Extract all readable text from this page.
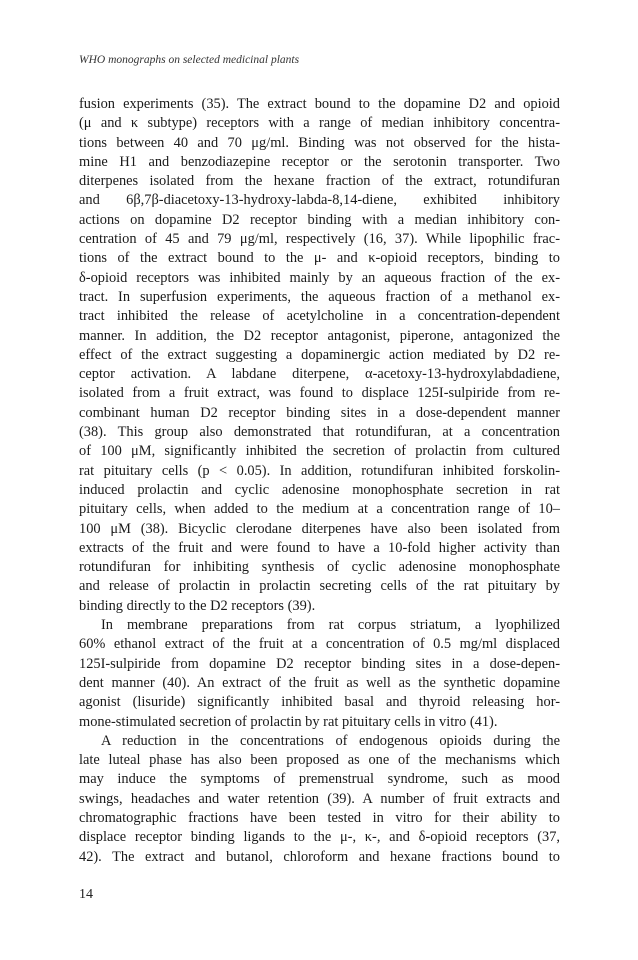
WHO monographs on selected medicinal plants
fusion experiments (35). The extract bound to the dopamine D2 and opioid
(μ and κ subtype) receptors with a range of median inhibitory concentra-
tions between 40 and 70 μg/ml. Binding was not observed for the hista-
mine H1 and benzodiazepine receptor or the serotonin transporter. Two
diterpenes isolated from the hexane fraction of the extract, rotundifuran
and 6β,7β-diacetoxy-13-hydroxy-labda-8,14-diene, exhibited inhibitory
actions on dopamine D2 receptor binding with a median inhibitory con-
centration of 45 and 79 μg/ml, respectively (16, 37). While lipophilic frac-
tions of the extract bound to the μ- and κ-opioid receptors, binding to
δ-opioid receptors was inhibited mainly by an aqueous fraction of the ex-
tract. In superfusion experiments, the aqueous fraction of a methanol ex-
tract inhibited the release of acetylcholine in a concentration-dependent
manner. In addition, the D2 receptor antagonist, piperone, antagonized the
effect of the extract suggesting a dopaminergic action mediated by D2 re-
ceptor activation. A labdane diterpene, α-acetoxy-13-hydroxylabdadiene,
isolated from a fruit extract, was found to displace 125I-sulpiride from re-
combinant human D2 receptor binding sites in a dose-dependent manner
(38). This group also demonstrated that rotundifuran, at a concentration
of 100 μM, significantly inhibited the secretion of prolactin from cultured
rat pituitary cells (p < 0.05). In addition, rotundifuran inhibited forskolin-
induced prolactin and cyclic adenosine monophosphate secretion in rat
pituitary cells, when added to the medium at a concentration range of 10–
100 μM (38). Bicyclic clerodane diterpenes have also been isolated from
extracts of the fruit and were found to have a 10-fold higher activity than
rotundifuran for inhibiting synthesis of cyclic adenosine monophosphate
and release of prolactin in prolactin secreting cells of the rat pituitary by
binding directly to the D2 receptors (39).
In membrane preparations from rat corpus striatum, a lyophilized
60% ethanol extract of the fruit at a concentration of 0.5 mg/ml displaced
125I-sulpiride from dopamine D2 receptor binding sites in a dose-depen-
dent manner (40). An extract of the fruit as well as the synthetic dopamine
agonist (lisuride) significantly inhibited basal and thyroid releasing hor-
mone-stimulated secretion of prolactin by rat pituitary cells in vitro (41).
A reduction in the concentrations of endogenous opioids during the
late luteal phase has also been proposed as one of the mechanisms which
may induce the symptoms of premenstrual syndrome, such as mood
swings, headaches and water retention (39). A number of fruit extracts and
chromatographic fractions have been tested in vitro for their ability to
displace receptor binding ligands to the μ-, κ-, and δ-opioid receptors (37,
42). The extract and butanol, chloroform and hexane fractions bound to
14
